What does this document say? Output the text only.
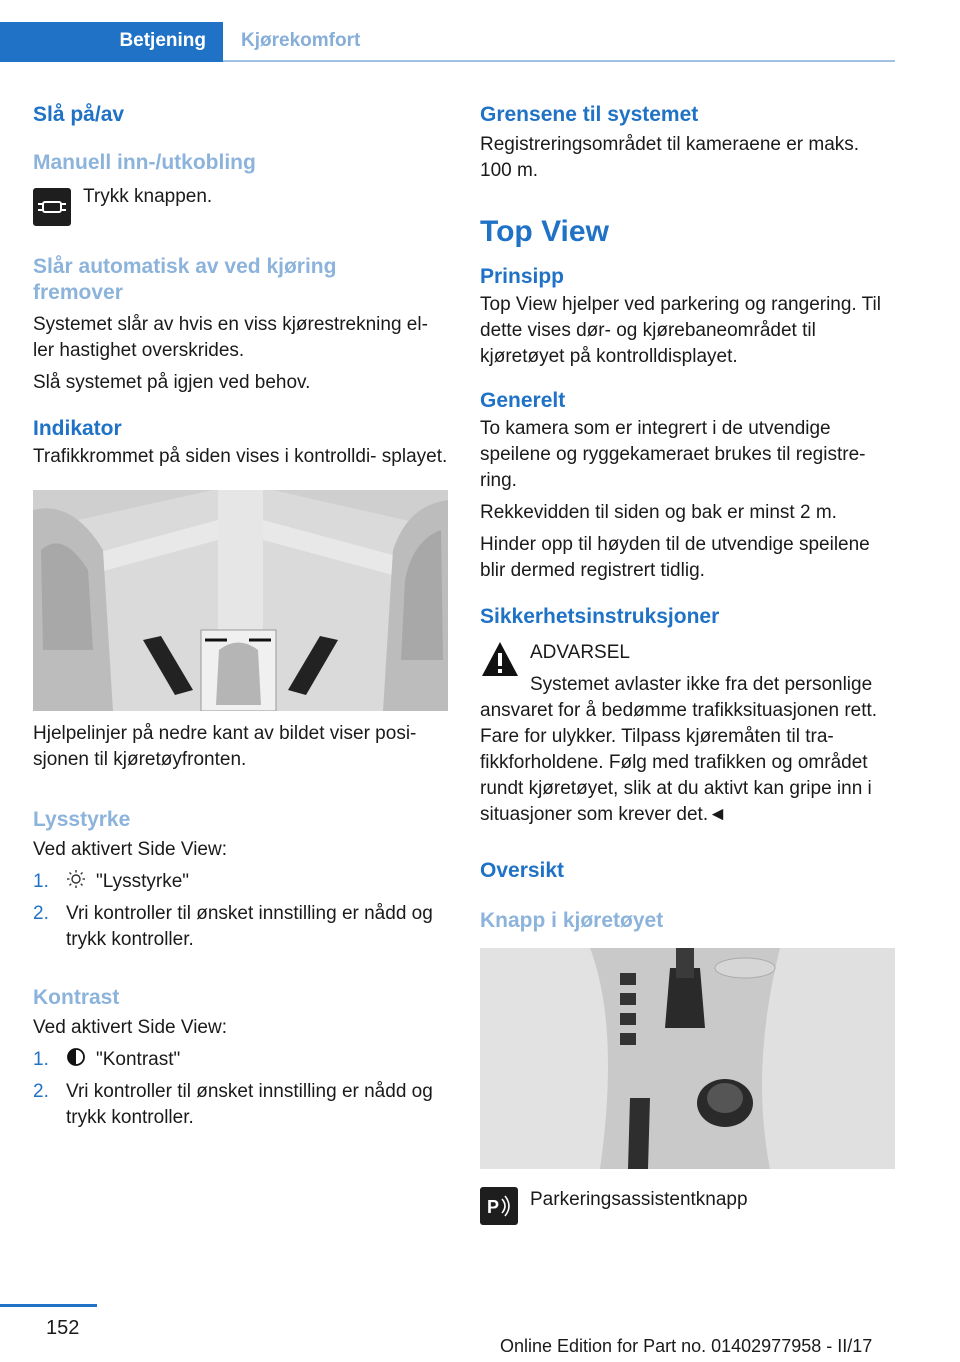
Betjening Kjørekomfort

Slå på/av

Manuell inn-/utkobling

Trykk knappen.

Slår automatisk av ved kjøring fremover

Systemet slår av hvis en viss kjørestrekning el‐ ler hastighet overskrides.

Slå systemet på igjen ved behov.

Indikator

Trafikkrommet på siden vises i kontrolldi‐ splayet.

Hjelpelinjer på nedre kant av bildet viser posi‐ sjonen til kjøretøyfronten.

Lysstyrke

Ved aktivert Side View:

1.	"Lysstyrke"
2. Vri kontroller til ønsket innstilling er nådd og trykk kontroller.

Kontrast

Ved aktivert Side View:

1.	"Kontrast"
2. Vri kontroller til ønsket innstilling er nådd og trykk kontroller.

Grensene til systemet

Registreringsområdet til kameraene er maks. 100 m.

Top View

Prinsipp

Top View hjelper ved parkering og rangering. Til dette vises dør- og kjørebaneområdet til kjøretøyet på kontrolldisplayet.

Generelt

To kamera som er integrert i de utvendige speilene og ryggekameraet brukes til registre‐ ring.

Rekkevidden til siden og bak er minst 2 m.

Hinder opp til høyden til de utvendige speilene blir dermed registrert tidlig.

Sikkerhetsinstruksjoner

ADVARSEL

Systemet avlaster ikke fra det personlige

ansvaret for å bedømme trafikksituasjonen rett. Fare for ulykker. Tilpass kjøremåten til tra‐ fikkforholdene. Følg med trafikken og området rundt kjøretøyet, slik at du aktivt kan gripe inn i situasjoner som krever det.◄

Oversikt

Knapp i kjøretøyet

P Parkeringsassistentknapp

152
Online Edition for Part no. 01402977958 - II/17
